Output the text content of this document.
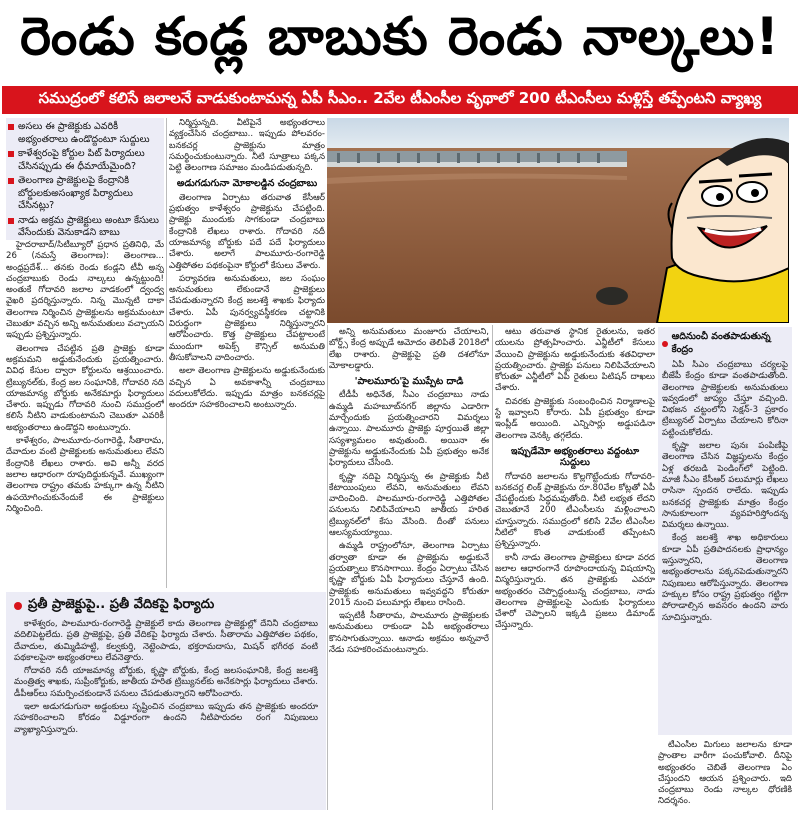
రెండు కండ్ల బాబుకు రెండు నాల్కలు!
సముద్రంలో కలిసే జలాలనే వాడుకుంటామన్న ఏపీ సీఎం.. 2వేల టీఎంసీల వృథాలో 200 టీఎంసీలు మళ్లిస్తే తప్పేంటని వ్యాఖ్య
అసలు ఈ ప్రాజెక్టుకు ఎవరికీ అభ్యంతరాలు ఉండొద్దంటూ సుద్దులు
కాళేశ్వరంపై కోర్టుల పిట్ పిర్యాదులు చేసినప్పుడు ఈ ధీమాయేమైంది?
తెలంగాణ ప్రాజెక్టులపై కేంద్రానికి బోర్డులకుఅసంఖ్యాక పిర్యాదులు చేసినట్లు?
నాడు అక్రమ ప్రాజెక్టులు అంటూ కేసులు వేసేందుకు వెనుకాడని బాబు

హైదరాబాద్/సిటీబ్యూరో ప్రధాన ప్రతినిధి, మే 26 (నమస్తే తెలంగాణ): తెలంగాణ... అంధ్రప్రదేశ్... తనకు రెండు కండ్లని టీవీ అన్న చంద్రబాబుకు రెండు నాల్కలు ఉన్నట్టుంది! అంతుకే గోదావరి జలాల వాడకంలో ద్వంద్వ వైఖరి ప్రదర్శిస్తున్నారు. నిన్న మొన్నటి దాకా తెలంగాణ నిర్మించిన ప్రాజెక్టులను అక్రమమంటూ చెబుతూ వచ్చిన అన్ని అనుమతులు వచ్చాయని ఇప్పుడు ప్రశ్నిస్తున్నారు.

తెలంగాణ చేపట్టిన ప్రతి ప్రాజెక్టు కూడా అక్రమమని అడ్డుకునేందుకు ప్రయత్నించారు. వివిధ కేసుల ద్వారా కోర్టులను ఆశ్రయించారు. ట్రిబ్యునల్‌కు, కేంద్ర జల సంఘానికి, గోదావరి నది యాజమాన్య బోర్డుకు అనేకమార్లు ఫిర్యాదులు చేశారు. ఇప్పుడు గోదావరి నుంచి సముద్రంలో కలిసే నీటిని వాడుకుంటామని చెబుతూ ఎవరికీ అభ్యంతరాలు ఉండొద్దని అంటున్నారు.

కాళేశ్వరం, పాలమూరు-రంగారెడ్డి, సీతారామ, దేవాదుల వంటి ప్రాజెక్టులకు అనుమతులు లేవని కేంద్రానికి లేఖలు రాశారు. అవి అన్నీ వరద జలాల ఆధారంగా రూపుదిద్దుకున్నవే. ముఖ్యంగా తెలంగాణ రాష్ట్రం తమకు హక్కుగా ఉన్న నీటిని ఉపయోగించుకునేందుకే ఈ ప్రాజెక్టులు నిర్మించింది.

నిర్మిస్తున్నది. వీటిపైనే అభ్యంతరాలు వ్యక్తంచేసిన చంద్రబాబు.. ఇప్పుడు పోలవరం-బనకచర్ల ప్రాజెక్టును మాత్రం సమర్థించుకుంటున్నారు. నీటి సూత్రాలు పక్కన పెట్టి తెలంగాణ సమాజం మండిపడుతున్నది.

అడుగడుగునా మోకాలడ్డిన చంద్రబాబు

తెలంగాణ ఏర్పాటు తరువాత కేసీఆర్ ప్రభుత్వం కాళేశ్వరం ప్రాజెక్టును చేపట్టింది. ప్రాజెక్టు ముందుకు సాగకుండా చంద్రబాబు కేంద్రానికి లేఖలు రాశారు. గోదావరి నదీ యాజమాన్య బోర్డుకు పదే పదే ఫిర్యాదులు చేశారు. అలాగే పాలమూరు-రంగారెడ్డి ఎత్తిపోతల పథకంపైనా కోర్టులో కేసులు వేశారు.

పర్యావరణ అనుమతులు, జల సంఘం అనుమతులు లేకుండానే ప్రాజెక్టులు చేపడుతున్నారని కేంద్ర జలశక్తి శాఖకు ఫిర్యాదు చేశారు. ఏపీ పునర్వ్యవస్థీకరణ చట్టానికి విరుద్ధంగా ప్రాజెక్టులు నిర్మిస్తున్నారని ఆరోపించారు. కొత్త ప్రాజెక్టులు చేపట్టాలంటే ముందుగా అపెక్స్ కౌన్సిల్ అనుమతి తీసుకోవాలని వాదించారు.

అలా తెలంగాణ ప్రాజెక్టులను అడ్డుకునేందుకు వచ్చిన ఏ అవకాశాన్నీ చంద్రబాబు వదులుకోలేదు. ఇప్పుడు మాత్రం బనకచర్లపై అందరూ సహకరించాలని అంటున్నారు.

అన్ని అనుమతులు మంజూరు చేయాలని, బోర్డ్స్ కేంద్ర అప్పుడే ఆమోదం తెలిపితే 2018లో లేఖ రాశారు. ప్రాజెక్టుపై ప్రతి దశలోనూ మోకాలడ్డారు.

'పాలమూరు'పై ముప్పేట దాడి

టీడీపీ అధినేత, సీఎం చంద్రబాబు నాడు ఉమ్మడి మహబూబ్‌నగర్ జిల్లాను ఎడారిగా మార్చేందుకు ప్రయత్నించారని విమర్శలు ఉన్నాయి. పాలమూరు ప్రాజెక్టు పూర్తయితే జిల్లా సస్యశ్యామలం అవుతుంది. అయినా ఈ ప్రాజెక్టును అడ్డుకునేందుకు ఏపీ ప్రభుత్వం అనేక ఫిర్యాదులు చేసింది.

కృష్ణా నదిపై నిర్మిస్తున్న ఈ ప్రాజెక్టుకు నీటి కేటాయింపులు లేవని, అనుమతులు లేవని వాదించింది. పాలమూరు-రంగారెడ్డి ఎత్తిపోతల పనులను నిలిపివేయాలని జాతీయ హరిత ట్రిబ్యునల్‌లో కేసు వేసింది. దీంతో పనులు ఆలస్యమయ్యాయి.

ఉమ్మడి రాష్ట్రంలోనూ, తెలంగాణ ఏర్పాటు తర్వాతా కూడా ఈ ప్రాజెక్టును అడ్డుకునే ప్రయత్నాలు కొనసాగాయి. కేంద్రం ఏర్పాటు చేసిన కృష్ణా బోర్డుకు ఏపీ ఫిర్యాదులు చేస్తూనే ఉంది. ప్రాజెక్టుకు అనుమతులు ఇవ్వవద్దని కోరుతూ 2015 నుంచి పలుమార్లు లేఖలు రాసింది.

ఇప్పటికీ సీతారామ, పాలమూరు ప్రాజెక్టులకు అనుమతులు రాకుండా ఏపీ అభ్యంతరాలు కొనసాగుతున్నాయి. ఆనాడు అక్రమం అన్నవారే నేడు సహకరించమంటున్నారు.

ఆటు తరువాత స్థానిక రైతులను, ఇతర యులను ప్రోత్సహించారు. ఎన్జీటీలో కేసులు వేయించి ప్రాజెక్టును అడ్డుకునేందుకు శతవిధాలా ప్రయత్నించారు. ప్రాజెక్టు పనులు నిలిపివేయాలని కోరుతూ ఎన్జీటీలో ఏపీ రైతులు పిటిషన్ దాఖలు చేశారు.

చివరకు ప్రాజెక్టుకు సంబంధించిన నిర్మాణాలపై స్టే ఇవ్వాలని కోరారు. ఏపీ ప్రభుత్వం కూడా ఇంప్లీడ్ అయింది. ఎన్నిసార్లు అడ్డుపడినా తెలంగాణ వెనక్కి తగ్గలేదు.

ఇప్పుడేమో అభ్యంతరాలు వద్దంటూ సుద్దులు

గోదావరి జలాలను కొల్లగొట్టేందుకు గోదావరి-బనకచర్ల లింక్ ప్రాజెక్టును రూ.80వేల కోట్లతో ఏపీ చేపట్టేందుకు సిద్ధమవుతోంది. నీటి లభ్యత లేదని చెబుతూనే 200 టీఎంసీలను మళ్లించాలని చూస్తున్నారు. సముద్రంలో కలిసే 2వేల టీఎంసీల నీటిలో కొంత వాడుకుంటే తప్పేంటని ప్రశ్నిస్తున్నారు.

కానీ నాడు తెలంగాణ ప్రాజెక్టులు కూడా వరద జలాల ఆధారంగానే రూపొందాయన్న విషయాన్ని విస్మరిస్తున్నారు. తన ప్రాజెక్టుకు ఎవరూ అభ్యంతరం చెప్పొద్దంటున్న చంద్రబాబు, నాడు తెలంగాణ ప్రాజెక్టులపై ఎందుకు ఫిర్యాదులు చేశారో చెప్పాలని ఇక్కడి ప్రజలు డిమాండ్ చేస్తున్నారు.

ప్రతీ ప్రాజెక్టుపై.. ప్రతీ వేదికపై ఫిర్యాదు

కాళేశ్వరం, పాలమూరు-రంగారెడ్డి ప్రాజెక్టులే కాదు తెలంగాణ ప్రాజెక్టుల్లో దేనినీ చంద్రబాబు వదిలిపెట్టలేదు. ప్రతి ప్రాజెక్టుపై, ప్రతి వేదికపై ఫిర్యాదు చేశారు. సీతారామ ఎత్తిపోతల పథకం, దేవాదుల, తుమ్మిడిహట్టి, కల్వకుర్తి, నెట్టెంపాడు, భక్తరామదాసు, మిషన్ భగీరథ వంటి పథకాలపైనా అభ్యంతరాలు లేవనెత్తారు.

గోదావరి నదీ యాజమాన్య బోర్డుకు, కృష్ణా బోర్డుకు, కేంద్ర జలసంఘానికి, కేంద్ర జలశక్తి మంత్రిత్వ శాఖకు, సుప్రీంకోర్టుకు, జాతీయ హరిత ట్రిబ్యునల్‌కు అనేకసార్లు ఫిర్యాదులు చేశారు. డీపీఆర్‌లు సమర్పించకుండానే పనులు చేపడుతున్నారని ఆరోపించారు.

ఇలా అడుగడుగునా అడ్డంకులు సృష్టించిన చంద్రబాబు ఇప్పుడు తన ప్రాజెక్టుకు అందరూ సహకరించాలని కోరడం విడ్డూరంగా ఉందని నీటిపారుదల రంగ నిపుణులు వ్యాఖ్యానిస్తున్నారు.

ఆదినుంచీ వంతపాడుతున్న కేంద్రం

ఏపీ సీఎం చంద్రబాబు చర్యలపై బీజేపీ కేంద్రం కూడా వంతపాడుతోంది. తెలంగాణ ప్రాజెక్టులకు అనుమతులు ఇవ్వడంలో జాప్యం చేస్తూ వచ్చింది. విభజన చట్టంలోని సెక్షన్-3 ప్రకారం ట్రిబ్యునల్ ఏర్పాటు చేయాలని కోరినా పట్టించుకోలేదు.

కృష్ణా జలాల పునః పంపిణీపై తెలంగాణ చేసిన విజ్ఞప్తులను కేంద్రం ఏళ్ల తరబడి పెండింగ్‌లో పెట్టింది. మాజీ సీఎం కేసీఆర్ పలుమార్లు లేఖలు రాసినా స్పందన రాలేదు. ఇప్పుడు బనకచర్ల ప్రాజెక్టుకు మాత్రం కేంద్రం సానుకూలంగా వ్యవహరిస్తోందన్న విమర్శలు ఉన్నాయి.

కేంద్ర జలశక్తి శాఖ అధికారులు కూడా ఏపీ ప్రతిపాదనలకు ప్రాధాన్యం ఇస్తున్నారని, తెలంగాణ అభ్యంతరాలను పక్కనపెడుతున్నారని నిపుణులు ఆరోపిస్తున్నారు. తెలంగాణ హక్కుల కోసం రాష్ట్ర ప్రభుత్వం గట్టిగా పోరాడాల్సిన అవసరం ఉందని వారు సూచిస్తున్నారు.

టీఎంసీల మిగులు జలాలను కూడా ప్రాంతాల వారీగా పంచుకోవాలి. దీనిపై అభ్యంతరం చెబితే తెలంగాణ ఏం చేస్తుందని ఆయన ప్రశ్నించారు. ఇది చంద్రబాబు రెండు నాల్కల ధోరణికి నిదర్శనం.
